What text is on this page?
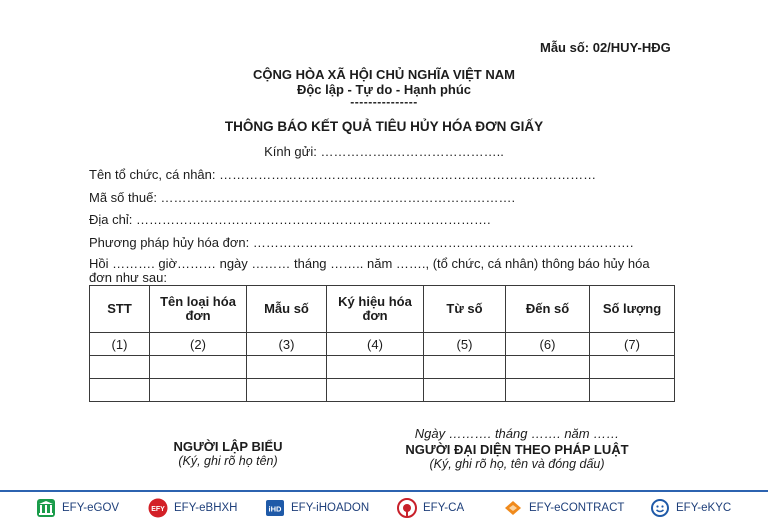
Mẫu số: 02/HUY-HĐG
CỘNG HÒA XÃ HỘI CHỦ NGHĨA VIỆT NAM
Độc lập - Tự do - Hạnh phúc
---------------
THÔNG BÁO KẾT QUẢ TIÊU HỦY HÓA ĐƠN GIẤY
Kính gửi: ……………..……………………..
Tên tổ chức, cá nhân: ……………………………………………………………………………
Mã số thuế: ……………………………………………………………………….
Địa chỉ: ……………………………………………………………………….
Phương pháp hủy hóa đơn: …………………………………………………………………………….
Hồi ………. giờ……… ngày ……… tháng …….. năm ……., (tổ chức, cá nhân) thông báo hủy hóa đơn như sau:
STT	Tên loại hóa đơn	Mẫu số	Ký hiệu hóa đơn	Từ số	Đến số	Số lượng
(1)	(2)	(3)	(4)	(5)	(6)	(7)

NGƯỜI LẬP BIỂU
(Ký, ghi rõ họ tên)
Ngày ………. tháng ……. năm ……
NGƯỜI ĐẠI DIỆN THEO PHÁP LUẬT
(Ký, ghi rõ họ, tên và đóng dấu)
EFY-eGOV	EFY EFY-eBHXH	iHD EFY-iHOADON	EFY-CA	EFY-eCONTRACT	EFY-eKYC
